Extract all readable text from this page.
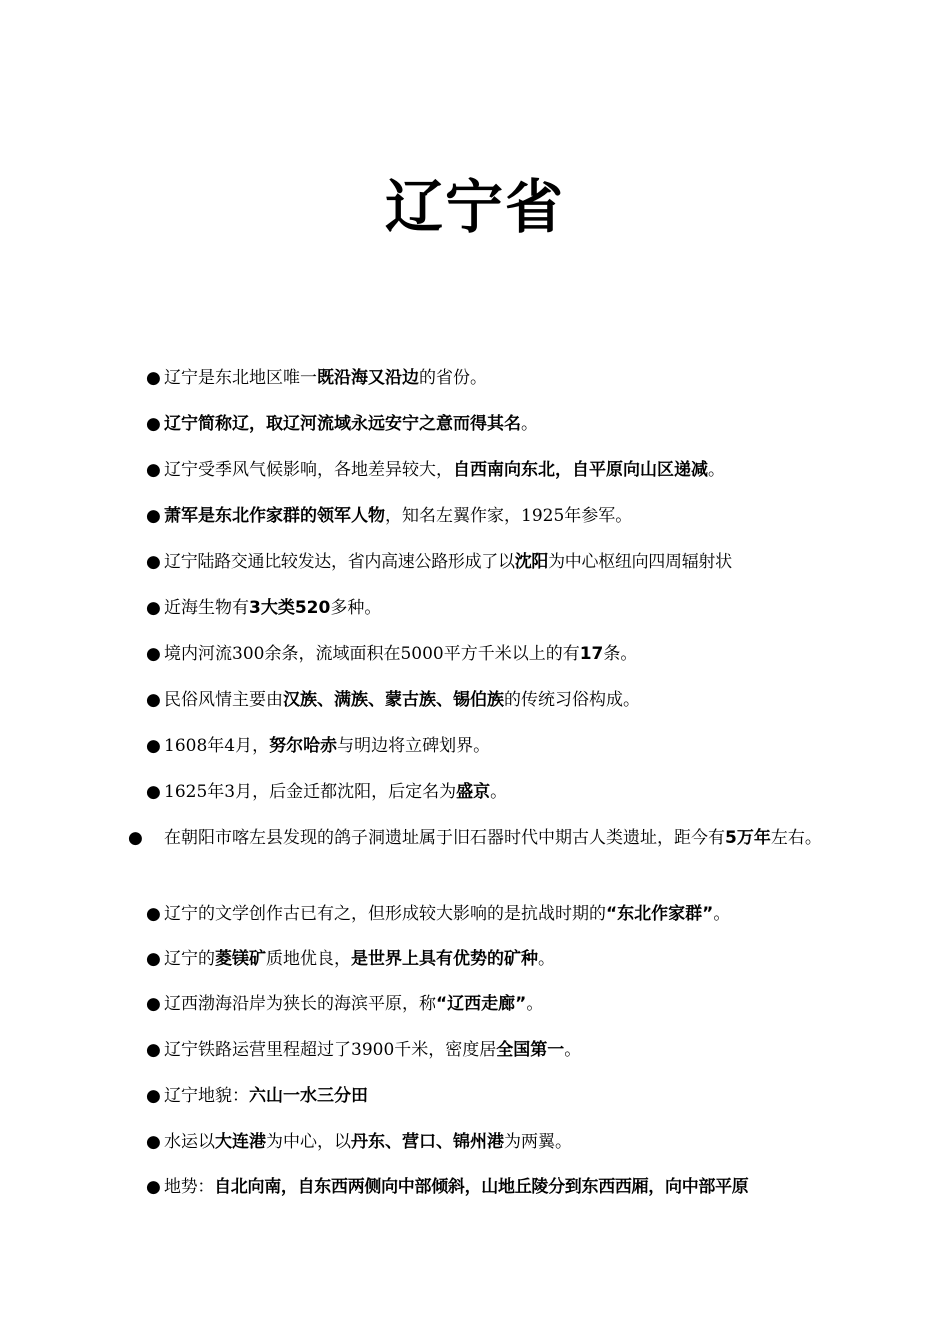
辽宁省
● 辽宁是东北地区唯一既沿海又沿边的省份。
● 辽宁简称辽，取辽河流域永远安宁之意而得其名。
● 辽宁受季风气候影响，各地差异较大，自西南向东北，自平原向山区递减。
● 萧军是东北作家群的领军人物，知名左翼作家，1925年参军。
● 辽宁陆路交通比较发达，省内高速公路形成了以沈阳为中心枢纽向四周辐射状
● 近海生物有3大类520多种。
● 境内河流300余条，流域面积在5000平方千米以上的有17条。
● 民俗风情主要由汉族、满族、蒙古族、锡伯族的传统习俗构成。
● 1608年4月，努尔哈赤与明边将立碑划界。
● 1625年3月，后金迁都沈阳，后定名为盛京。
● 在朝阳市喀左县发现的鸽子洞遗址属于旧石器时代中期古人类遗址，距今有5万年左右。
● 辽宁的文学创作古已有之，但形成较大影响的是抗战时期的“东北作家群”。
● 辽宁的菱镁矿质地优良，是世界上具有优势的矿种。
● 辽西渤海沿岸为狭长的海滨平原，称“辽西走廊”。
● 辽宁铁路运营里程超过了3900千米，密度居全国第一。
● 辽宁地貌：六山一水三分田
● 水运以大连港为中心，以丹东、营口、锦州港为两翼。
● 地势：自北向南，自东西两侧向中部倾斜，山地丘陵分到东西西厢，向中部平原
